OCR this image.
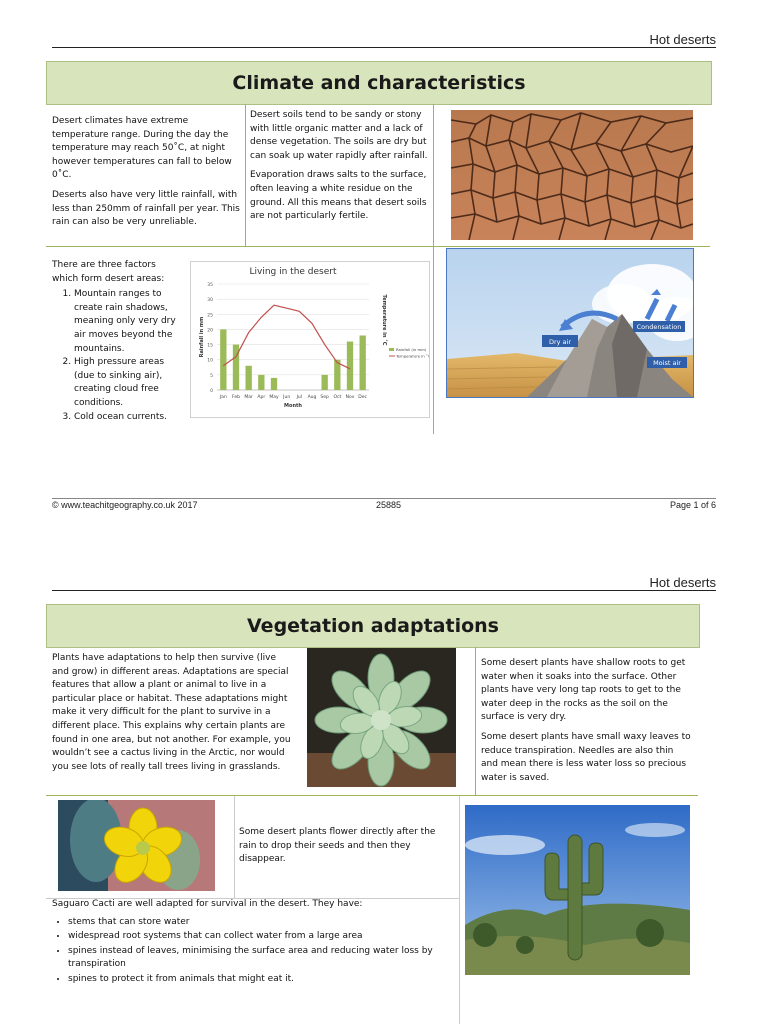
Hot deserts
Climate and characteristics

Desert climates have extreme temperature range. During the day the temperature may reach 50˚C, at night however temperatures can fall to below 0˚C.

Deserts also have very little rainfall, with less than 250mm of rainfall per year. This rain can also be very unreliable.

Desert soils tend to be sandy or stony with little organic matter and a lack of dense vegetation. The soils are dry but can soak up water rapidly after rainfall.

Evaporation draws salts to the surface, often leaving a white residue on the ground. All this means that desert soils are not particularly fertile.

There are three factors which form desert areas:
1. Mountain ranges to create rain shadows, meaning only very dry air moves beyond the mountains.
2. High pressure areas (due to sinking air), creating cloud free conditions.
3. Cold ocean currents.
Living in the desert
0
5
10
15
20
25
30
35
Jan Feb Mar Apr May Jun Jul Aug Sep Oct Nov Dec
Month
Rainfall in mm	Temperature in ˚C
Rainfall (in mm)
Temperature in ˚C
Dry air
Condensation
Moist air
© www.teachitgeography.co.uk 2017	25885	Page 1 of 6
Hot deserts
Vegetation adaptations

Plants have adaptations to help then survive (live and grow) in different areas. Adaptations are special features that allow a plant or animal to live in a particular place or habitat. These adaptations might make it very difficult for the plant to survive in a different place. This explains why certain plants are found in one area, but not another. For example, you wouldn’t see a cactus living in the Arctic, nor would you see lots of really tall trees living in grasslands.

Some desert plants have shallow roots to get water when it soaks into the surface. Other plants have very long tap roots to get to the water deep in the rocks as the soil on the surface is very dry.

Some desert plants have small waxy leaves to reduce transpiration. Needles are also thin and mean there is less water loss so precious water is saved.

Some desert plants flower directly after the rain to drop their seeds and then they disappear.

Saguaro Cacti are well adapted for survival in the desert. They have:
• stems that can store water
• widespread root systems that can collect water from a large area
• spines instead of leaves, minimising the surface area and reducing water loss by transpiration
• spines to protect it from animals that might eat it.
